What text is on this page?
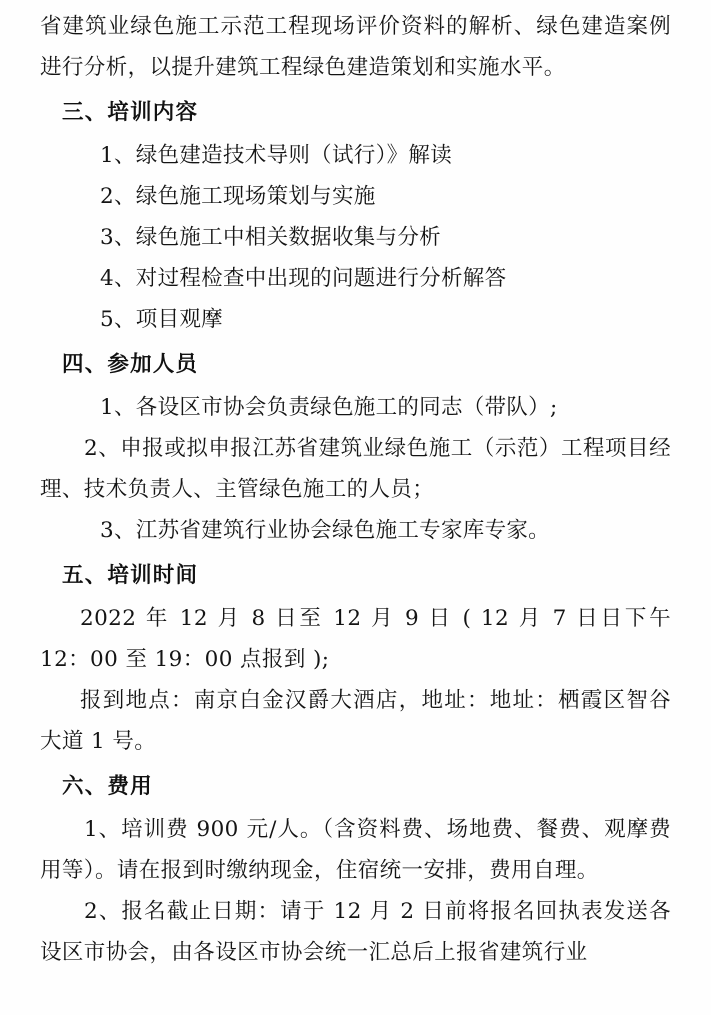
省建筑业绿色施工示范工程现场评价资料的解析、绿色建造案例进行分析，以提升建筑工程绿色建造策划和实施水平。

三、培训内容

1、绿色建造技术导则（试行）》解读

2、绿色施工现场策划与实施

3、绿色施工中相关数据收集与分析

4、对过程检查中出现的问题进行分析解答

5、项目观摩

四、参加人员

1、各设区市协会负责绿色施工的同志（带队）;

2、申报或拟申报江苏省建筑业绿色施工（示范）工程项目经理、技术负责人、主管绿色施工的人员；

3、江苏省建筑行业协会绿色施工专家库专家。

五、培训时间

2022 年 12 月 8 日至 12 月 9 日 ( 12 月 7 日日下午 12：00 至 19：00 点报到 );

报到地点：南京白金汉爵大酒店，地址：地址：栖霞区智谷大道 1 号。

六、费用

1、培训费 900 元/人。（含资料费、场地费、餐费、观摩费用等）。请在报到时缴纳现金，住宿统一安排，费用自理。

2、报名截止日期：请于 12 月 2 日前将报名回执表发送各设区市协会，由各设区市协会统一汇总后上报省建筑行业
